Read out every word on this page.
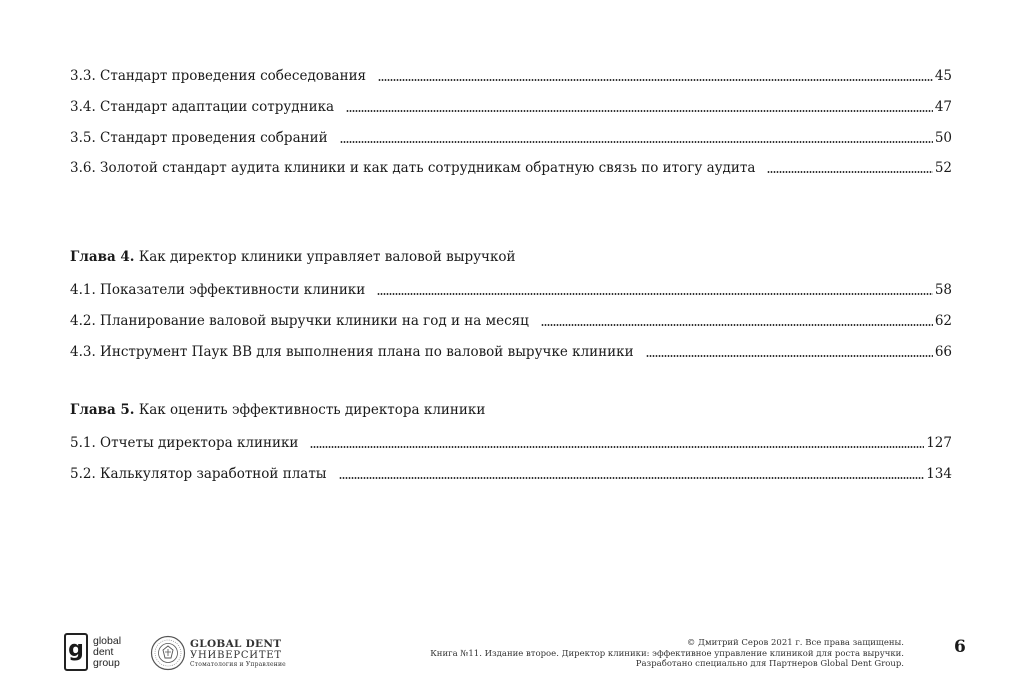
3.3. Стандарт проведения собеседования	45
3.4. Стандарт адаптации сотрудника	47
3.5. Стандарт проведения собраний	50
3.6. Золотой стандарт аудита клиники и как дать сотрудникам обратную связь по итогу аудита	52
Глава 4. Как директор клиники управляет валовой выручкой
4.1. Показатели эффективности клиники	58
4.2. Планирование валовой выручки клиники на год и на месяц	62
4.3. Инструмент Паук ВВ для выполнения плана по валовой выручке клиники	66
Глава 5. Как оценить эффективность директора клиники
5.1. Отчеты директора клиники	127
5.2. Калькулятор заработной платы	134
g global
dent
group
GLOBAL DENT
УНИВЕРСИТЕТ
Стоматология и Управление
© Дмитрий Серов 2021 г. Все права защищены.
Книга №11. Издание второе. Директор клиники: эффективное управление клиникой для роста выручки.
Разработано специально для Партнеров Global Dent Group.
6
